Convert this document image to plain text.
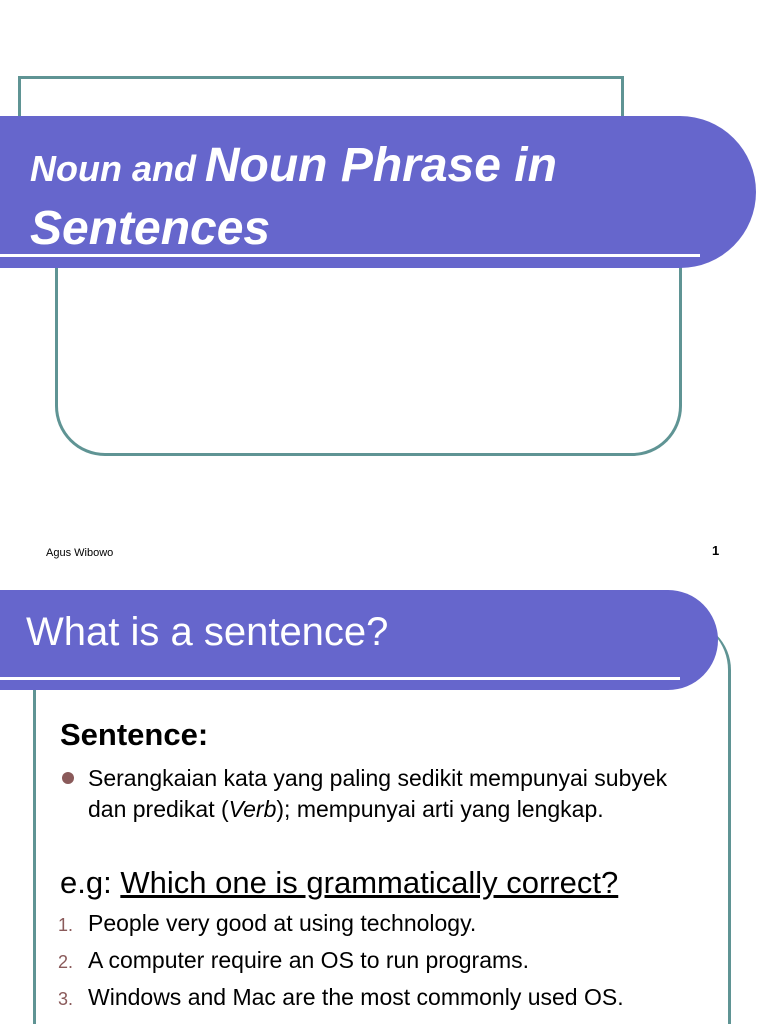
Noun and Noun Phrase in
Sentences
Agus Wibowo	1
What is a sentence?
Sentence:

Serangkaian kata yang paling sedikit mempunyai subyek dan predikat (Verb); mempunyai arti yang lengkap.

e.g: Which one is grammatically correct?

1. People very good at using technology.
2. A computer require an OS to run programs.
3. Windows and Mac are the most commonly used OS.
